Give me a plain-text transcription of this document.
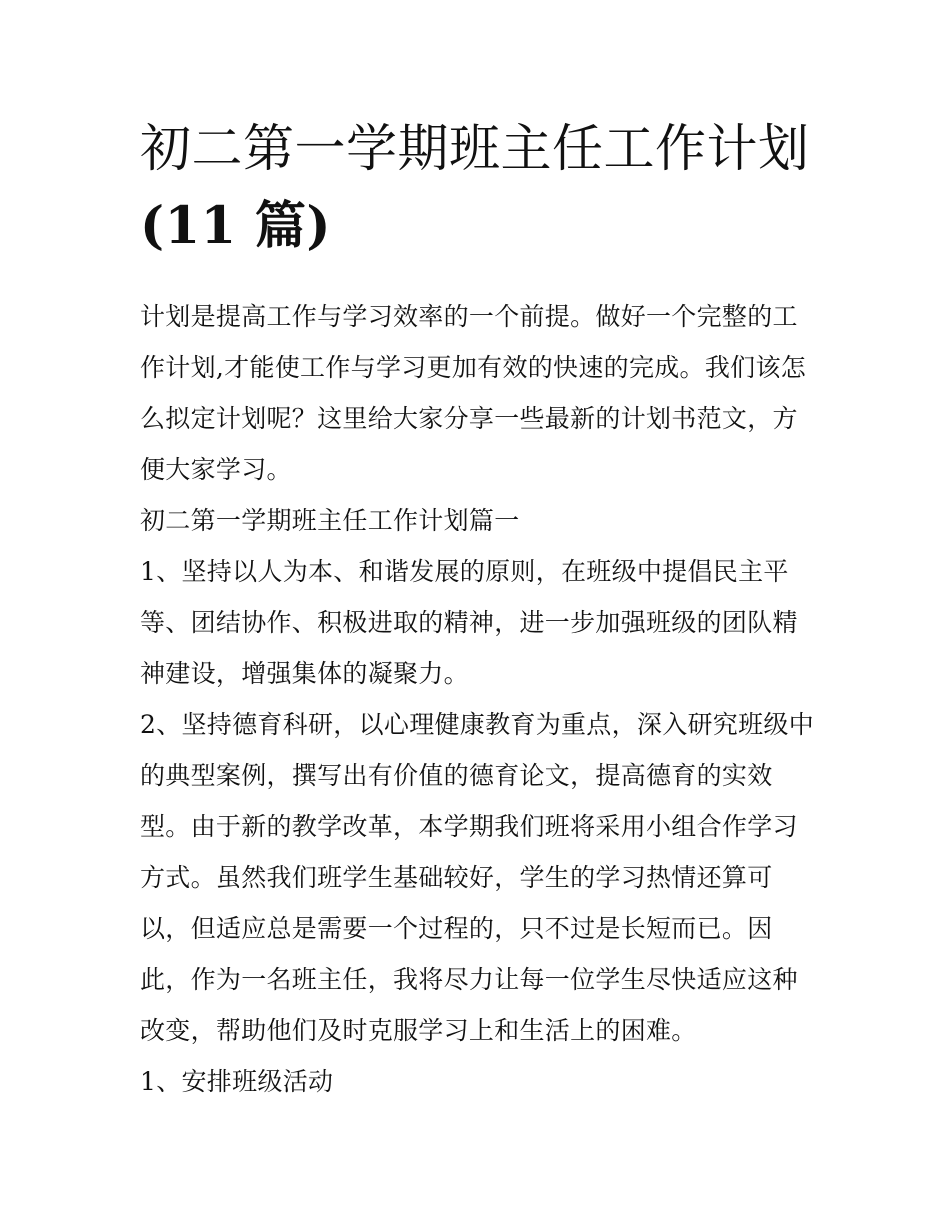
初二第一学期班主任工作计划
(11 篇)

计划是提高工作与学习效率的一个前提。做好一个完整的工作计划,才能使工作与学习更加有效的快速的完成。我们该怎么拟定计划呢？这里给大家分享一些最新的计划书范文，方便大家学习。

初二第一学期班主任工作计划篇一

1、坚持以人为本、和谐发展的原则，在班级中提倡民主平等、团结协作、积极进取的精神，进一步加强班级的团队精神建设，增强集体的凝聚力。

2、坚持德育科研，以心理健康教育为重点，深入研究班级中的典型案例，撰写出有价值的德育论文，提高德育的实效型。由于新的教学改革，本学期我们班将采用小组合作学习方式。虽然我们班学生基础较好，学生的学习热情还算可以，但适应总是需要一个过程的，只不过是长短而已。因此，作为一名班主任，我将尽力让每一位学生尽快适应这种改变，帮助他们及时克服学习上和生活上的困难。

1、安排班级活动
